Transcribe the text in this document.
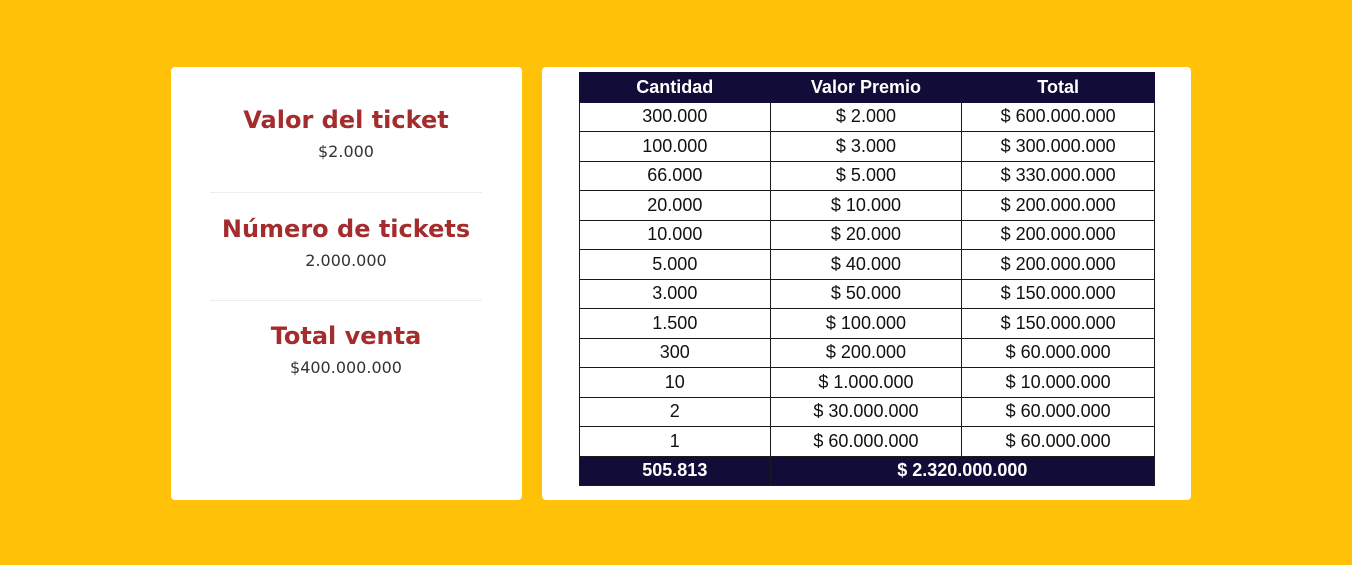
Valor del ticket
$2.000
Número de tickets
2.000.000
Total venta
$400.000.000
Cantidad	Valor Premio	Total
300.000	$ 2.000	$ 600.000.000
100.000	$ 3.000	$ 300.000.000
66.000	$ 5.000	$ 330.000.000
20.000	$ 10.000	$ 200.000.000
10.000	$ 20.000	$ 200.000.000
5.000	$ 40.000	$ 200.000.000
3.000	$ 50.000	$ 150.000.000
1.500	$ 100.000	$ 150.000.000
300	$ 200.000	$ 60.000.000
10	$ 1.000.000	$ 10.000.000
2	$ 30.000.000	$ 60.000.000
1	$ 60.000.000	$ 60.000.000
505.813	$ 2.320.000.000	
